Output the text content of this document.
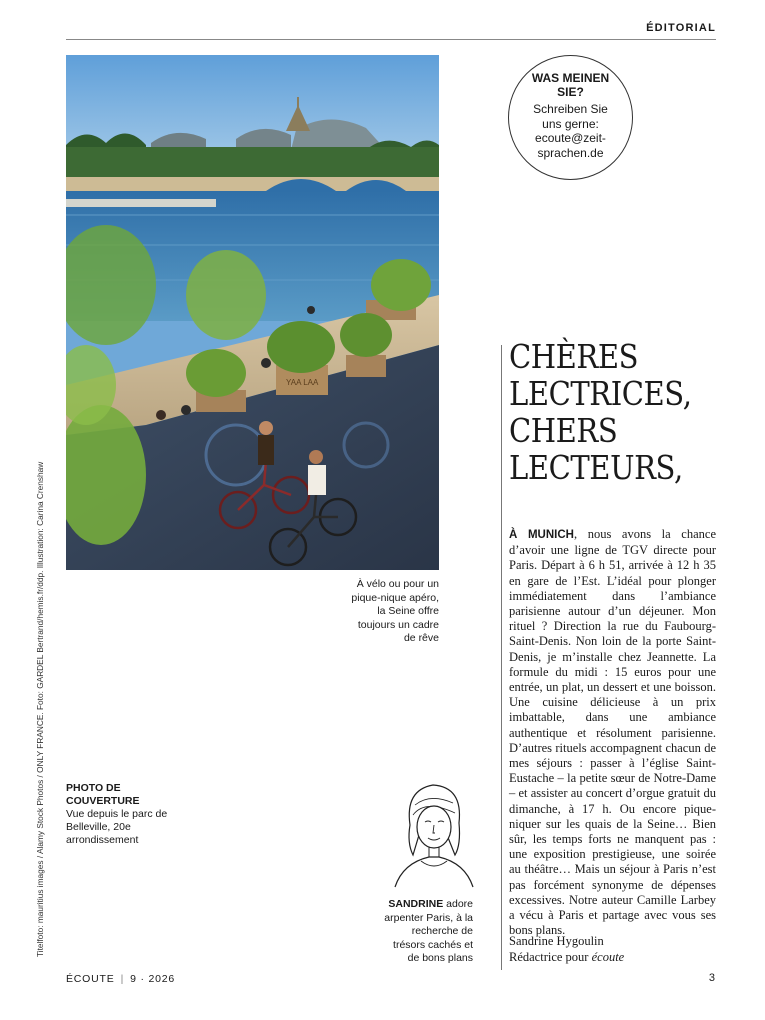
ÉDITORIAL
YAA LAA
Titelfoto: mauritius images / Alamy Stock Photos / ONLY FRANCE. Foto: GARDEL Bertrand/hemis.fr/ddp. Illustration: Carina Crenshaw	À vélo ou pour un pique-nique apéro, la Seine offre toujours un cadre de rêve
PHOTO DE COUVERTURE
Vue depuis le parc de Belleville, 20e arrondissement
WAS MEINEN SIE?
Schreiben Sie uns gerne: ecoute@zeit-sprachen.de
CHÈRES
LECTRICES,
CHERS
LECTEURS,

À MUNICH, nous avons la chance d’avoir une ligne de TGV directe pour Paris. Départ à 6 h 51, arrivée à 12 h 35 en gare de l’Est. L’idéal pour plonger immédiatement dans l’ambiance parisienne autour d’un déjeuner. Mon rituel ? Direction la rue du Faubourg-Saint-Denis. Non loin de la porte Saint-Denis, je m’installe chez Jeannette. La formule du midi : 15 euros pour une entrée, un plat, un dessert et une boisson. Une cuisine délicieuse à un prix imbattable, dans une ambiance authentique et résolument parisienne. D’autres rituels accompagnent chacun de mes séjours : passer à l’église Saint-Eustache – la petite sœur de Notre-Dame – et assister au concert d’orgue gratuit du dimanche, à 17 h. Ou encore pique-niquer sur les quais de la Seine… Bien sûr, les temps forts ne manquent pas : une exposition prestigieuse, une soirée au théâtre… Mais un séjour à Paris n’est pas forcément synonyme de dépenses excessives. Notre auteur Camille Larbey a vécu à Paris et partage avec vous ses bons plans.

Sandrine Hygoulin
Rédactrice pour écoute
SANDRINE adore arpenter Paris, à la recherche de trésors cachés et de bons plans
ÉCOUTE | 9 · 2026	3
